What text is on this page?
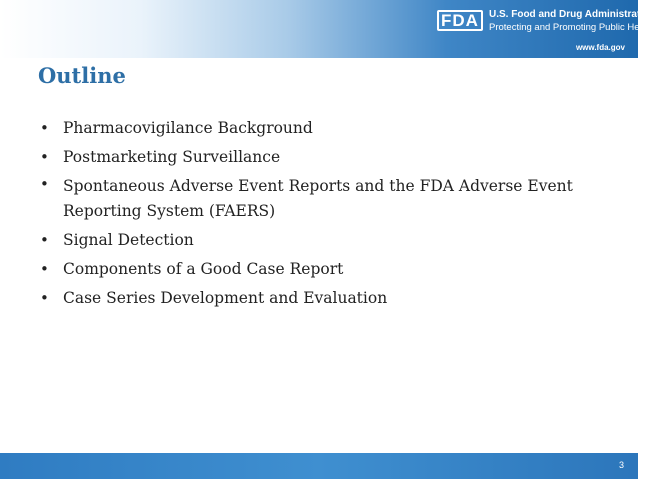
FDA	U.S. Food and Drug Administration
Protecting and Promoting Public Health
www.fda.gov
Outline
• Pharmacovigilance Background
• Postmarketing Surveillance
• Spontaneous Adverse Event Reports and the FDA Adverse Event Reporting System (FAERS)
• Signal Detection
• Components of a Good Case Report
• Case Series Development and Evaluation
3
